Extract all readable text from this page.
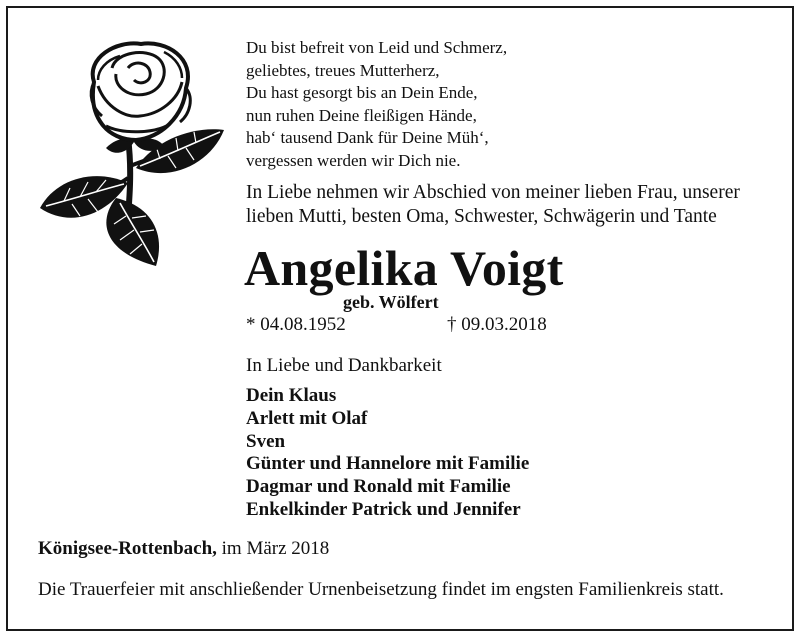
Du bist befreit von Leid und Schmerz,
geliebtes, treues Mutterherz,
Du hast gesorgt bis an Dein Ende,
nun ruhen Deine fleißigen Hände,
hab‘ tausend Dank für Deine Müh‘,
vergessen werden wir Dich nie.
In Liebe nehmen wir Abschied von meiner lieben Frau, unserer
lieben Mutti, besten Oma, Schwester, Schwägerin und Tante
Angelika Voigt
geb. Wölfert
* 04.08.1952	† 09.03.2018
In Liebe und Dankbarkeit
Dein Klaus
Arlett mit Olaf
Sven
Günter und Hannelore mit Familie
Dagmar und Ronald mit Familie
Enkelkinder Patrick und Jennifer
Königsee-Rottenbach, im März 2018
Die Trauerfeier mit anschließender Urnenbeisetzung findet im engsten Familienkreis statt.
